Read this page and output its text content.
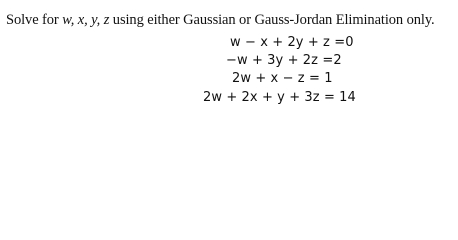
Solve for w, x, y, z using either Gaussian or Gauss-Jordan Elimination only.
w − x + 2y + z =0
−w + 3y + 2z =2
2w + x − z = 1
2w + 2x + y + 3z = 14
